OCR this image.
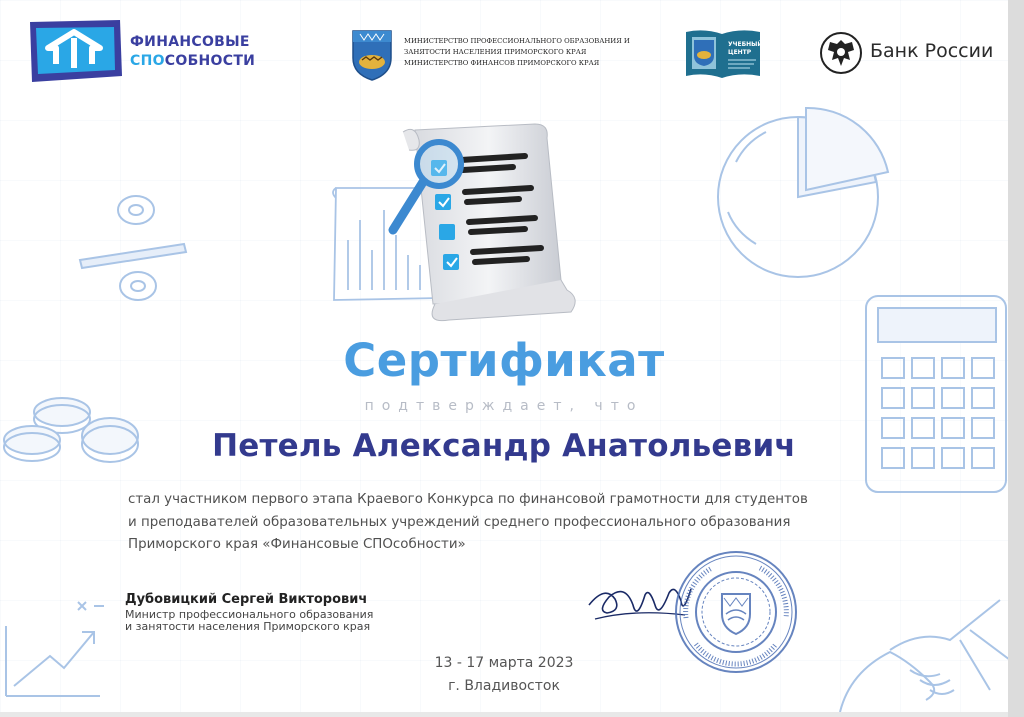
ФИНАНСОВЫЕ
СПОСОБНОСТИ
МИНИСТЕРСТВО ПРОФЕССИОНАЛЬНОГО ОБРАЗОВАНИЯ И
ЗАНЯТОСТИ НАСЕЛЕНИЯ ПРИМОРСКОГО КРАЯ
МИНИСТЕРСТВО ФИНАНСОВ ПРИМОРСКОГО КРАЯ
УЧЕБНЫЙ
ЦЕНТР	Банк России
Сертификат
подтверждает, что
Петель Александр Анатольевич
стал участником первого этапа Краевого Конкурса по финансовой грамотности для студентов
и преподавателей образовательных учреждений среднего профессионального образования
Приморского края «Финансовые СПОсобности»
Дубовицкий Сергей Викторович
Министр профессионального образования
и занятости населения Приморского края
13 - 17 марта 2023
г. Владивосток
